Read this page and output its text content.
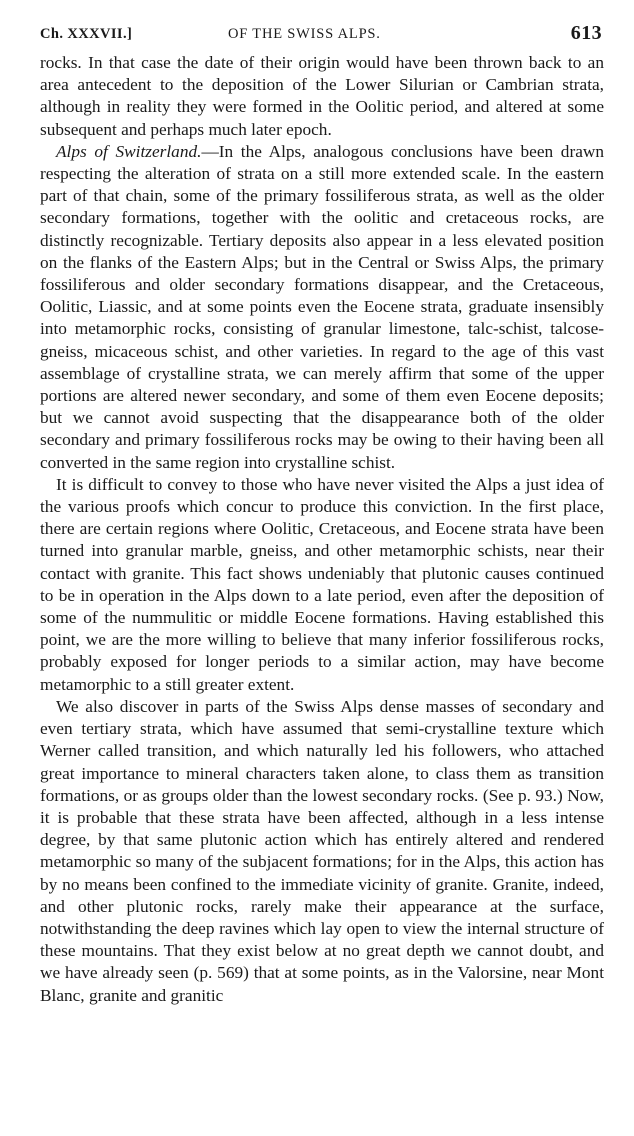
Ch. XXXVII.]	OF THE SWISS ALPS.	613

rocks. In that case the date of their origin would have been thrown back to an area antecedent to the deposition of the Lower Silurian or Cambrian strata, although in reality they were formed in the Oolitic period, and altered at some subsequent and perhaps much later epoch.

Alps of Switzerland.—In the Alps, analogous conclusions have been drawn respecting the alteration of strata on a still more extended scale. In the eastern part of that chain, some of the primary fossiliferous strata, as well as the older secondary formations, together with the oolitic and cretaceous rocks, are distinctly recognizable. Tertiary deposits also appear in a less elevated position on the flanks of the Eastern Alps; but in the Central or Swiss Alps, the primary fossiliferous and older secondary formations disappear, and the Cretaceous, Oolitic, Liassic, and at some points even the Eocene strata, graduate insensibly into metamorphic rocks, consisting of granular limestone, talc-schist, talcose-gneiss, micaceous schist, and other varieties. In regard to the age of this vast assemblage of crystalline strata, we can merely affirm that some of the upper portions are altered newer secondary, and some of them even Eocene deposits; but we cannot avoid suspecting that the disappearance both of the older secondary and primary fossiliferous rocks may be owing to their having been all converted in the same region into crystalline schist.

It is difficult to convey to those who have never visited the Alps a just idea of the various proofs which concur to produce this conviction. In the first place, there are certain regions where Oolitic, Cretaceous, and Eocene strata have been turned into granular marble, gneiss, and other metamorphic schists, near their contact with granite. This fact shows undeniably that plutonic causes continued to be in operation in the Alps down to a late period, even after the deposition of some of the nummulitic or middle Eocene formations. Having established this point, we are the more willing to believe that many inferior fossiliferous rocks, probably exposed for longer periods to a similar action, may have become metamorphic to a still greater extent.

We also discover in parts of the Swiss Alps dense masses of secondary and even tertiary strata, which have assumed that semi-crystalline texture which Werner called transition, and which naturally led his followers, who attached great importance to mineral characters taken alone, to class them as transition formations, or as groups older than the lowest secondary rocks. (See p. 93.) Now, it is probable that these strata have been affected, although in a less intense degree, by that same plutonic action which has entirely altered and rendered metamorphic so many of the subjacent formations; for in the Alps, this action has by no means been confined to the immediate vicinity of granite. Granite, indeed, and other plutonic rocks, rarely make their appearance at the surface, notwithstanding the deep ravines which lay open to view the internal structure of these mountains. That they exist below at no great depth we cannot doubt, and we have already seen (p. 569) that at some points, as in the Valorsine, near Mont Blanc, granite and granitic
